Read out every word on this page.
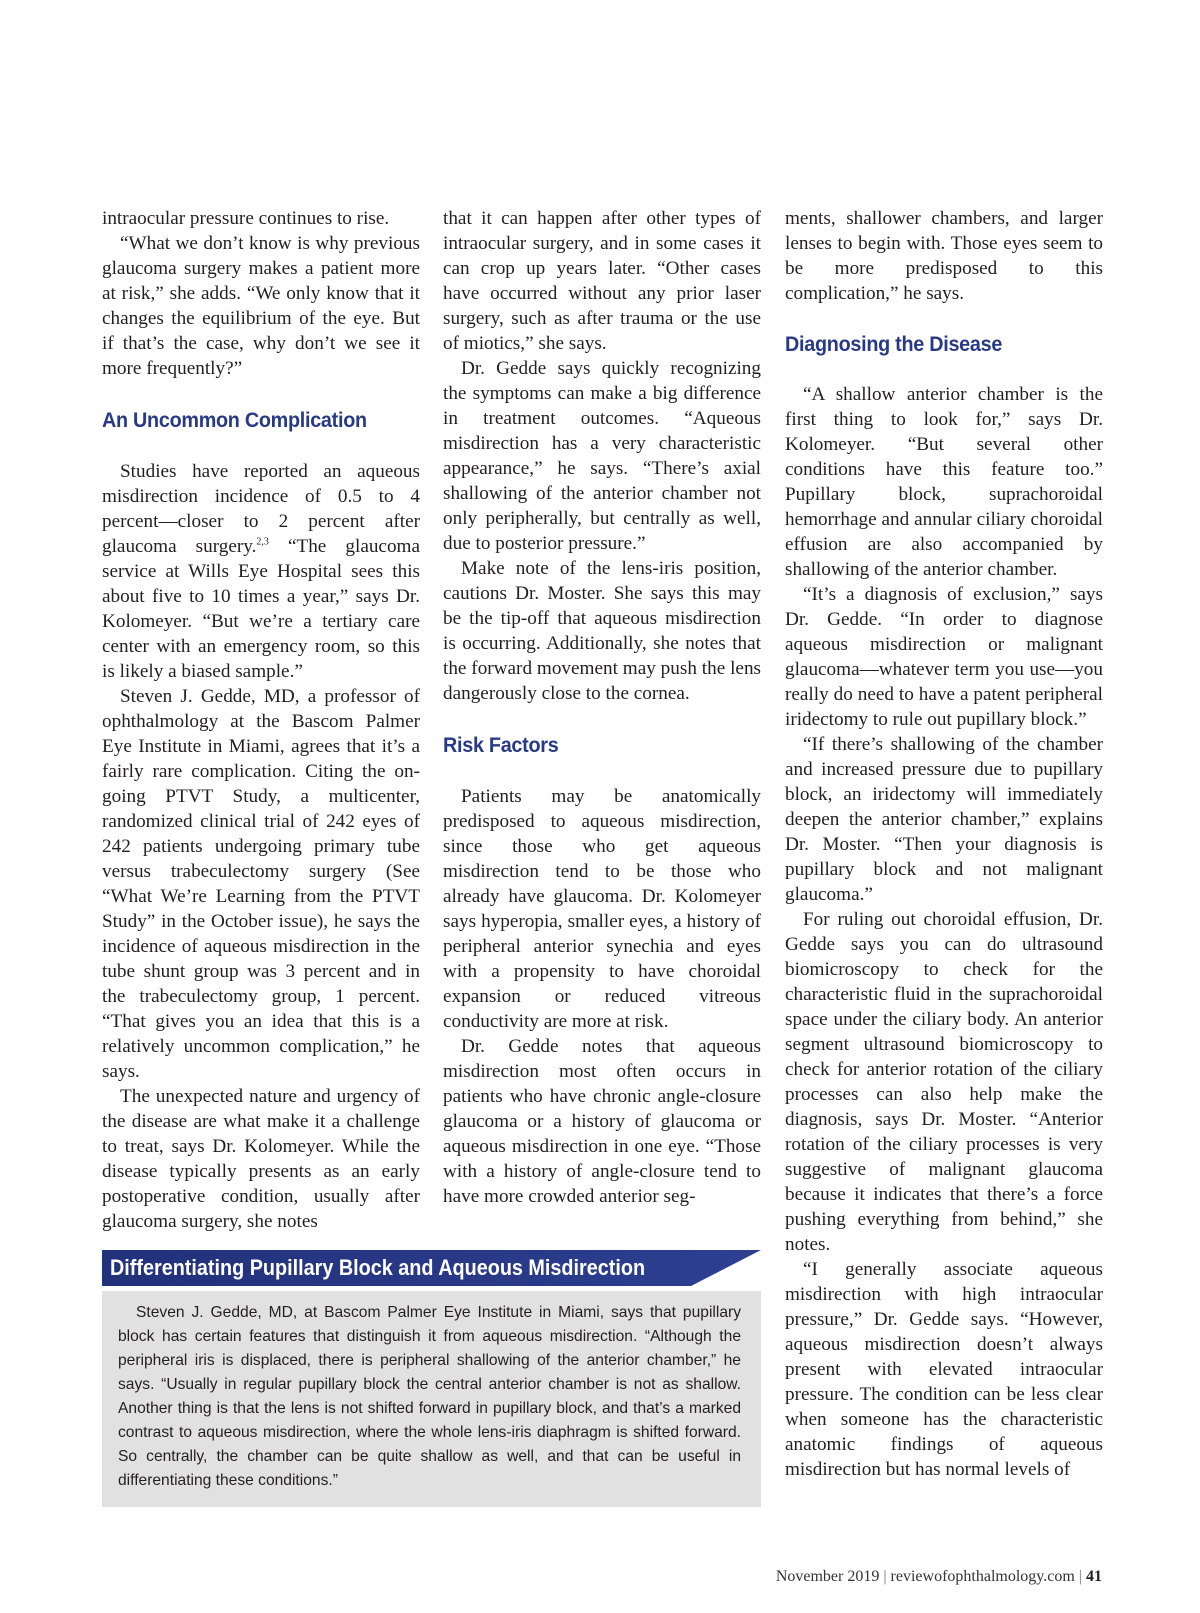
intraocular pressure continues to rise.

“What we don’t know is why previous glaucoma surgery makes a patient more at risk,” she adds. “We only know that it changes the equilibrium of the eye. But if that’s the case, why don’t we see it more frequently?”

An Uncommon Complication

Studies have reported an aqueous misdirection incidence of 0.5 to 4 percent—closer to 2 percent after glaucoma surgery.$^{2,3}$ “The glaucoma service at Wills Eye Hospital sees this about five to 10 times a year,” says Dr. Kolomeyer. “But we’re a tertiary care center with an emergency room, so this is likely a biased sample.”

Steven J. Gedde, MD, a professor of ophthalmology at the Bascom Palmer Eye Institute in Miami, agrees that it’s a fairly rare complication. Citing the on-going PTVT Study, a multicenter, randomized clinical trial of 242 eyes of 242 patients undergoing primary tube versus trabeculectomy surgery (See “What We’re Learning from the PTVT Study” in the October issue), he says the incidence of aqueous misdirection in the tube shunt group was 3 percent and in the trabeculectomy group, 1 percent. “That gives you an idea that this is a relatively uncommon complication,” he says.

The unexpected nature and urgency of the disease are what make it a challenge to treat, says Dr. Kolomeyer. While the disease typically presents as an early postoperative condition, usually after glaucoma surgery, she notes

that it can happen after other types of intraocular surgery, and in some cases it can crop up years later. “Other cases have occurred without any prior laser surgery, such as after trauma or the use of miotics,” she says.

Dr. Gedde says quickly recognizing the symptoms can make a big difference in treatment outcomes. “Aqueous misdirection has a very characteristic appearance,” he says. “There’s axial shallowing of the anterior chamber not only peripherally, but centrally as well, due to posterior pressure.”

Make note of the lens-iris position, cautions Dr. Moster. She says this may be the tip-off that aqueous misdirection is occurring. Additionally, she notes that the forward movement may push the lens dangerously close to the cornea.

Risk Factors

Patients may be anatomically predisposed to aqueous misdirection, since those who get aqueous misdirection tend to be those who already have glaucoma. Dr. Kolomeyer says hyperopia, smaller eyes, a history of peripheral anterior synechia and eyes with a propensity to have choroidal expansion or reduced vitreous conductivity are more at risk.

Dr. Gedde notes that aqueous misdirection most often occurs in patients who have chronic angle-closure glaucoma or a history of glaucoma or aqueous misdirection in one eye. “Those with a history of angle-closure tend to have more crowded anterior seg-

ments, shallower chambers, and larger lenses to begin with. Those eyes seem to be more predisposed to this complication,” he says.

Diagnosing the Disease

“A shallow anterior chamber is the first thing to look for,” says Dr. Kolomeyer. “But several other conditions have this feature too.” Pupillary block, suprachoroidal hemorrhage and annular ciliary choroidal effusion are also accompanied by shallowing of the anterior chamber.

“It’s a diagnosis of exclusion,” says Dr. Gedde. “In order to diagnose aqueous misdirection or malignant glaucoma—whatever term you use—you really do need to have a patent peripheral iridectomy to rule out pupillary block.”

“If there’s shallowing of the chamber and increased pressure due to pupillary block, an iridectomy will immediately deepen the anterior chamber,” explains Dr. Moster. “Then your diagnosis is pupillary block and not malignant glaucoma.”

For ruling out choroidal effusion, Dr. Gedde says you can do ultrasound biomicroscopy to check for the characteristic fluid in the suprachoroidal space under the ciliary body. An anterior segment ultrasound biomicroscopy to check for anterior rotation of the ciliary processes can also help make the diagnosis, says Dr. Moster. “Anterior rotation of the ciliary processes is very suggestive of malignant glaucoma because it indicates that there’s a force pushing everything from behind,” she notes.

“I generally associate aqueous misdirection with high intraocular pressure,” Dr. Gedde says. “However, aqueous misdirection doesn’t always present with elevated intraocular pressure. The condition can be less clear when someone has the characteristic anatomic findings of aqueous misdirection but has normal levels of

Differentiating Pupillary Block and Aqueous Misdirection

Steven J. Gedde, MD, at Bascom Palmer Eye Institute in Miami, says that pupillary block has certain features that distinguish it from aqueous misdirection. “Although the peripheral iris is displaced, there is peripheral shallowing of the anterior chamber,” he says. “Usually in regular pupillary block the central anterior chamber is not as shallow. Another thing is that the lens is not shifted forward in pupillary block, and that’s a marked contrast to aqueous misdirection, where the whole lens-iris diaphragm is shifted forward. So centrally, the chamber can be quite shallow as well, and that can be useful in differentiating these conditions.”

November 2019 | reviewofophthalmology.com | 41
